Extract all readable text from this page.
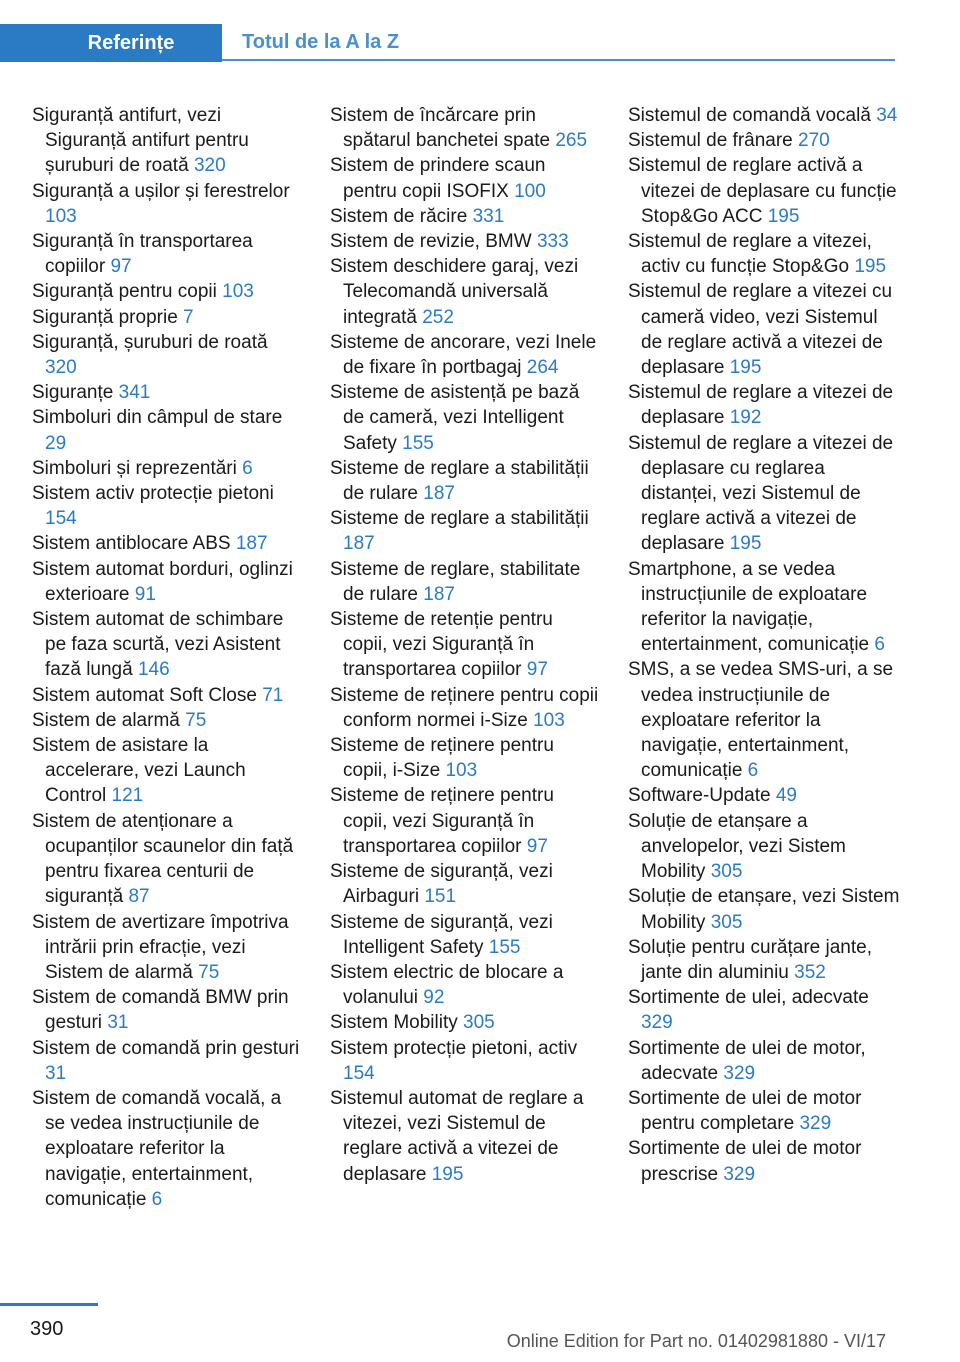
Referințe	Totul de la A la Z

Siguranță antifurt, vezi Siguranță antifurt pentru șuruburi de roată 320

Siguranță a ușilor și ferestrelor 103

Siguranță în transportarea copiilor 97

Siguranță pentru copii 103

Siguranță proprie 7

Siguranță, șuruburi de roată 320

Siguranțe 341

Simboluri din câmpul de stare 29

Simboluri și reprezentări 6

Sistem activ protecție pietoni 154

Sistem antiblocare ABS 187

Sistem automat borduri, oglinzi exterioare 91

Sistem automat de schimbare pe faza scurtă, vezi Asistent fază lungă 146

Sistem automat Soft Close 71

Sistem de alarmă 75

Sistem de asistare la accelerare, vezi Launch Control 121

Sistem de atenționare a ocupanților scaunelor din față pentru fixarea centurii de siguranță 87

Sistem de avertizare împotriva intrării prin efracție, vezi Sistem de alarmă 75

Sistem de comandă BMW prin gesturi 31

Sistem de comandă prin gesturi 31

Sistem de comandă vocală, a se vedea instrucțiunile de exploatare referitor la navigație, entertainment, comunicație 6

Sistem de încărcare prin spătarul banchetei spate 265

Sistem de prindere scaun pentru copii ISOFIX 100

Sistem de răcire 331

Sistem de revizie, BMW 333

Sistem deschidere garaj, vezi Telecomandă universală integrată 252

Sisteme de ancorare, vezi Inele de fixare în portbagaj 264

Sisteme de asistență pe bază de cameră, vezi Intelligent Safety 155

Sisteme de reglare a stabilității de rulare 187

Sisteme de reglare a stabilității 187

Sisteme de reglare, stabilitate de rulare 187

Sisteme de retenție pentru copii, vezi Siguranță în transportarea copiilor 97

Sisteme de reținere pentru copii conform normei i-Size 103

Sisteme de reținere pentru copii, i-Size 103

Sisteme de reținere pentru copii, vezi Siguranță în transportarea copiilor 97

Sisteme de siguranță, vezi Airbaguri 151

Sisteme de siguranță, vezi Intelligent Safety 155

Sistem electric de blocare a volanului 92

Sistem Mobility 305

Sistem protecție pietoni, activ 154

Sistemul automat de reglare a vitezei, vezi Sistemul de reglare activă a vitezei de deplasare 195

Sistemul de comandă vocală 34

Sistemul de frânare 270

Sistemul de reglare activă a vitezei de deplasare cu funcție Stop&Go ACC 195

Sistemul de reglare a vitezei, activ cu funcție Stop&Go 195

Sistemul de reglare a vitezei cu cameră video, vezi Sistemul de reglare activă a vitezei de deplasare 195

Sistemul de reglare a vitezei de deplasare 192

Sistemul de reglare a vitezei de deplasare cu reglarea distanței, vezi Sistemul de reglare activă a vitezei de deplasare 195

Smartphone, a se vedea instrucțiunile de exploatare referitor la navigație, entertainment, comunicație 6

SMS, a se vedea SMS-uri, a se vedea instrucțiunile de exploatare referitor la navigație, entertainment, comunicație 6

Software-Update 49

Soluție de etanșare a anvelopelor, vezi Sistem Mobility 305

Soluție de etanșare, vezi Sistem Mobility 305

Soluție pentru curățare jante, jante din aluminiu 352

Sortimente de ulei, adecvate 329

Sortimente de ulei de motor, adecvate 329

Sortimente de ulei de motor pentru completare 329

Sortimente de ulei de motor prescrise 329

390
Online Edition for Part no. 01402981880 - VI/17
